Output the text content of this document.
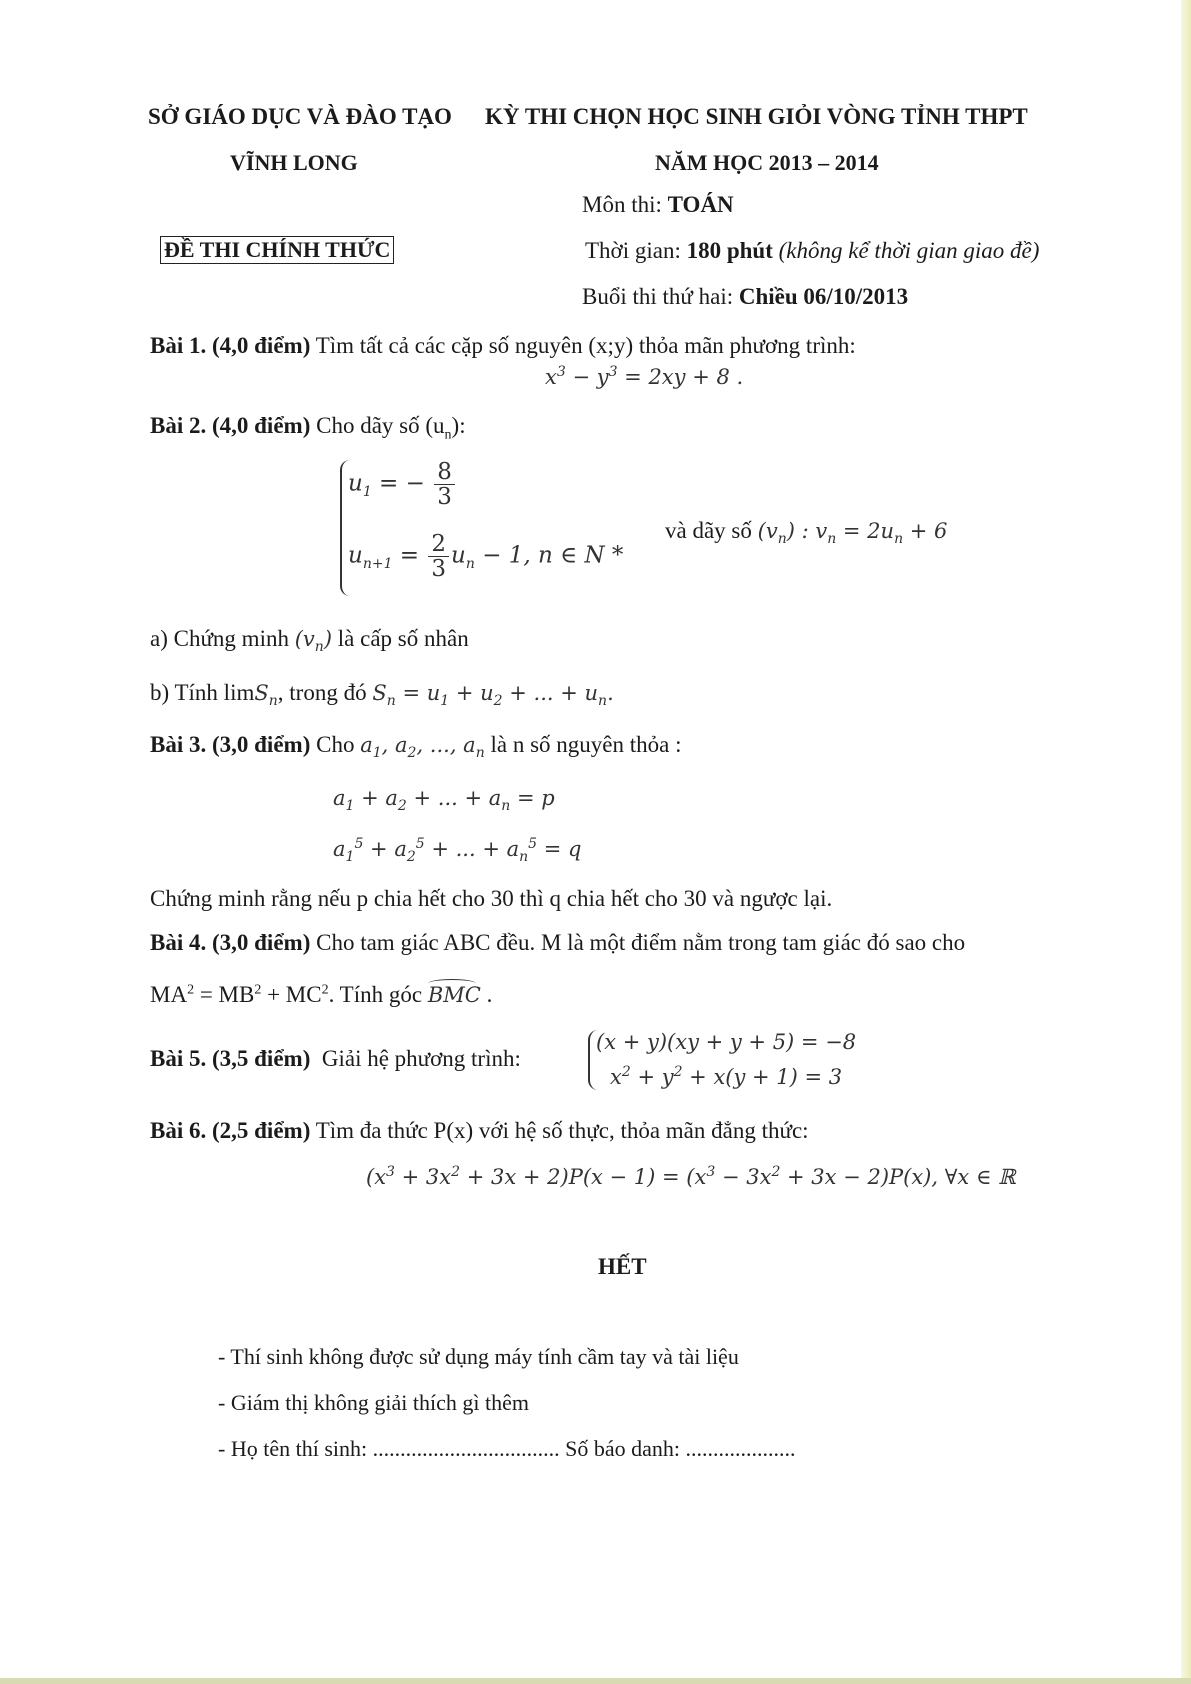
SỞ GIÁO DỤC VÀ ĐÀO TẠO KỲ THI CHỌN HỌC SINH GIỎI VÒNG TỈNH THPT
VĨNH LONG	NĂM HỌC 2013 – 2014
Môn thi: TOÁN
ĐỀ THI CHÍNH THỨC	Thời gian: 180 phút (không kể thời gian giao đề)
Buổi thi thứ hai: Chiều 06/10/2013
Bài 1. (4,0 điểm) Tìm tất cả các cặp số nguyên (x;y) thỏa mãn phương trình:
$x^3 - y^3 = 2xy + 8$ .
Bài 2. (4,0 điểm) Cho dãy số $(u_n)$:
$u_1$ = − $\frac{8}{3}$
$u_{n+1} = \frac{2}{3} u_n - 1$, n ∈ N *
và dãy số $(v_n)$ : $v_n = 2u_n + 6$
a) Chứng minh $(v_n)$ là cấp số nhân
b) Tính limS$_n$, trong đó $S_n = u_1 + u_2$ + ... + $u_n$.
Bài 3. (3,0 điểm) Cho $a_1$, $a_2$, ..., $a_n$ là n số nguyên thỏa :
$a_1 + a_2$ + ... + $a_n = p$
$a_1^5 + a_2^5$ + ... + $a_n^5 = q$
Chứng minh rằng nếu p chia hết cho 30 thì q chia hết cho 30 và ngược lại.
Bài 4. (3,0 điểm) Cho tam giác ABC đều. M là một điểm nằm trong tam giác đó sao cho
$MA^2 = MB^2 + MC^2$. Tính góc BMC .
Bài 5. (3,5 điểm) Giải hệ phương trình:
(x + y)(xy + y + 5) = −8
$x^2 + y^2 + x(y + 1) = 3$
Bài 6. (2,5 điểm) Tìm đa thức P(x) với hệ số thực, thỏa mãn đẳng thức:
$(x^3 + 3x^2 + 3x + 2)P(x - 1) = (x^3 - 3x^2 + 3x - 2)P(x)$, ∀x ∈ ℝ
HẾT
- Thí sinh không được sử dụng máy tính cầm tay và tài liệu
- Giám thị không giải thích gì thêm
- Họ tên thí sinh: .................................. Số báo danh: ....................
